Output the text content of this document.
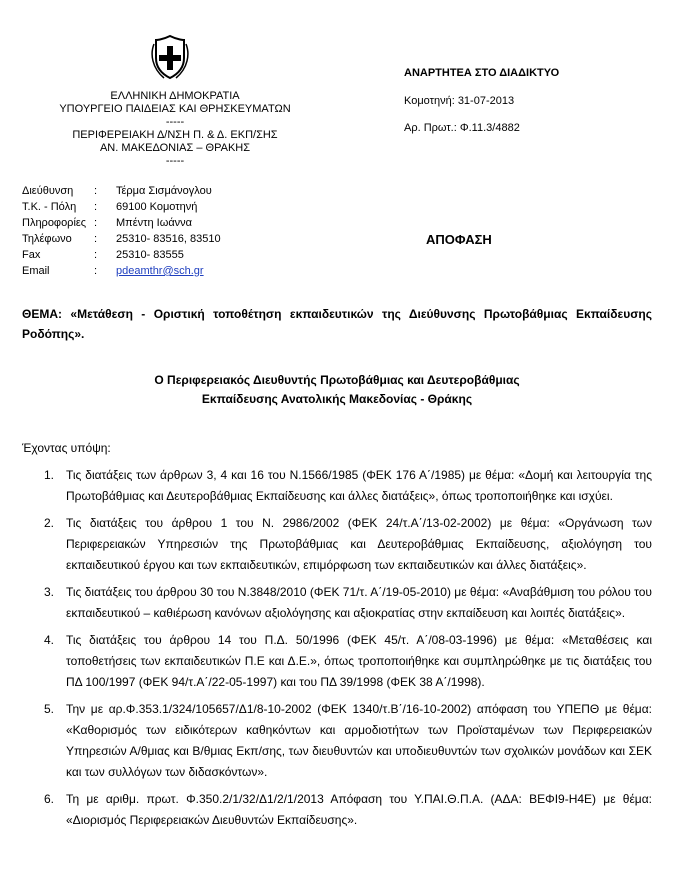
ΕΛΛΗΝΙΚΗ ΔΗΜΟΚΡΑΤΙΑ
ΥΠΟΥΡΓΕΙΟ ΠΑΙΔΕΙΑΣ ΚΑΙ ΘΡΗΣΚΕΥΜΑΤΩΝ
-----
ΠΕΡΙΦΕΡΕΙΑΚΗ Δ/ΝΣΗ Π. & Δ. ΕΚΠ/ΣΗΣ
ΑΝ. ΜΑΚΕΔΟΝΙΑΣ – ΘΡΑΚΗΣ
-----
ΑΝΑΡΤΗΤΕΑ ΣΤΟ ΔΙΑΔΙΚΤΥΟ
Κομοτηνή: 31-07-2013
Αρ. Πρωτ.: Φ.11.3/4882
Διεύθυνση	:	Τέρμα Σισμάνογλου
Τ.Κ. - Πόλη	:	69100 Κομοτηνή
Πληροφορίες	:	Μπέντη Ιωάννα
Τηλέφωνο	:	25310- 83516, 83510
Fax	:	25310- 83555
Email	:	pdeamthr@sch.gr
ΑΠΟΦΑΣΗ
ΘΕΜΑ: «Μετάθεση - Οριστική τοποθέτηση εκπαιδευτικών της Διεύθυνσης Πρωτοβάθμιας Εκπαίδευσης Ροδόπης».
Ο Περιφερειακός Διευθυντής Πρωτοβάθμιας και Δευτεροβάθμιας
Εκπαίδευσης Ανατολικής Μακεδονίας - Θράκης
Έχοντας υπόψη:
1. Τις διατάξεις των άρθρων 3, 4 και 16 του Ν.1566/1985 (ΦΕΚ 176 Α΄/1985) με θέμα: «Δομή και λειτουργία της Πρωτοβάθμιας και Δευτεροβάθμιας Εκπαίδευσης και άλλες διατάξεις», όπως τροποποιήθηκε και ισχύει.
2. Τις διατάξεις του άρθρου 1 του Ν. 2986/2002 (ΦΕΚ 24/τ.Α΄/13-02-2002) με θέμα: «Οργάνωση των Περιφερειακών Υπηρεσιών της Πρωτοβάθμιας και Δευτεροβάθμιας Εκπαίδευσης, αξιολόγηση του εκπαιδευτικού έργου και των εκπαιδευτικών, επιμόρφωση των εκπαιδευτικών και άλλες διατάξεις».
3. Τις διατάξεις του άρθρου 30 του Ν.3848/2010 (ΦΕΚ 71/τ. Α΄/19-05-2010) με θέμα: «Αναβάθμιση του ρόλου του εκπαιδευτικού – καθιέρωση κανόνων αξιολόγησης και αξιοκρατίας στην εκπαίδευση και λοιπές διατάξεις».
4. Τις διατάξεις του άρθρου 14 του Π.Δ. 50/1996 (ΦΕΚ 45/τ. Α΄/08-03-1996) με θέμα: «Μεταθέσεις και τοποθετήσεις των εκπαιδευτικών Π.Ε και Δ.Ε.», όπως τροποποιήθηκε και συμπληρώθηκε με τις διατάξεις του ΠΔ 100/1997 (ΦΕΚ 94/τ.Α΄/22-05-1997) και του ΠΔ 39/1998 (ΦΕΚ 38 Α΄/1998).
5. Την με αρ.Φ.353.1/324/105657/Δ1/8-10-2002 (ΦΕΚ 1340/τ.Β΄/16-10-2002) απόφαση του ΥΠΕΠΘ με θέμα: «Καθορισμός των ειδικότερων καθηκόντων και αρμοδιοτήτων των Προϊσταμένων των Περιφερειακών Υπηρεσιών Α/θμιας και Β/θμιας Εκπ/σης, των διευθυντών και υποδιευθυντών των σχολικών μονάδων και ΣΕΚ και των συλλόγων των διδασκόντων».
6. Τη με αριθμ. πρωτ. Φ.350.2/1/32/Δ1/2/1/2013 Απόφαση του Υ.ΠΑΙ.Θ.Π.Α. (ΑΔΑ: ΒΕΦΙ9-Η4Ε) με θέμα: «Διορισμός Περιφερειακών Διευθυντών Εκπαίδευσης».
